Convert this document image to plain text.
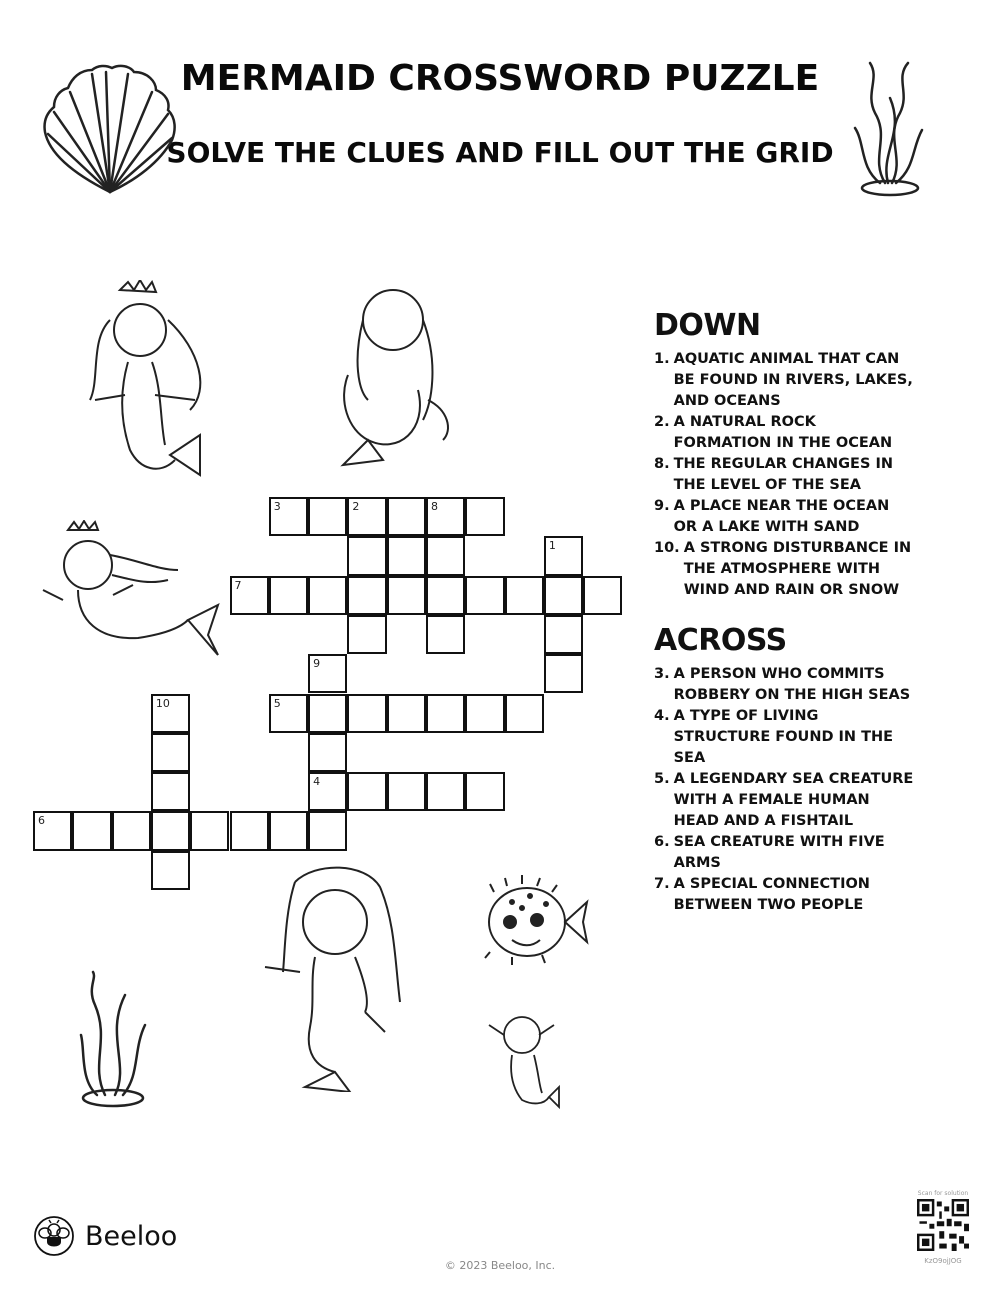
MERMAID CROSSWORD PUZZLE
SOLVE THE CLUES AND FILL OUT THE GRID
3	2	8
1
7
9
10	5
4
6
DOWN
1. AQUATIC ANIMAL THAT CAN BE FOUND IN RIVERS, LAKES, AND OCEANS
2. A NATURAL ROCK FORMATION IN THE OCEAN
8. THE REGULAR CHANGES IN THE LEVEL OF THE SEA
9. A PLACE NEAR THE OCEAN OR A LAKE WITH SAND
10. A STRONG DISTURBANCE IN THE ATMOSPHERE WITH WIND AND RAIN OR SNOW
ACROSS
3. A PERSON WHO COMMITS ROBBERY ON THE HIGH SEAS
4. A TYPE OF LIVING STRUCTURE FOUND IN THE SEA
5. A LEGENDARY SEA CREATURE WITH A FEMALE HUMAN HEAD AND A FISHTAIL
6. SEA CREATURE WITH FIVE ARMS
7. A SPECIAL CONNECTION BETWEEN TWO PEOPLE
Beeloo
© 2023 Beeloo, Inc.
Scan for solution
KzO9ojJOG
